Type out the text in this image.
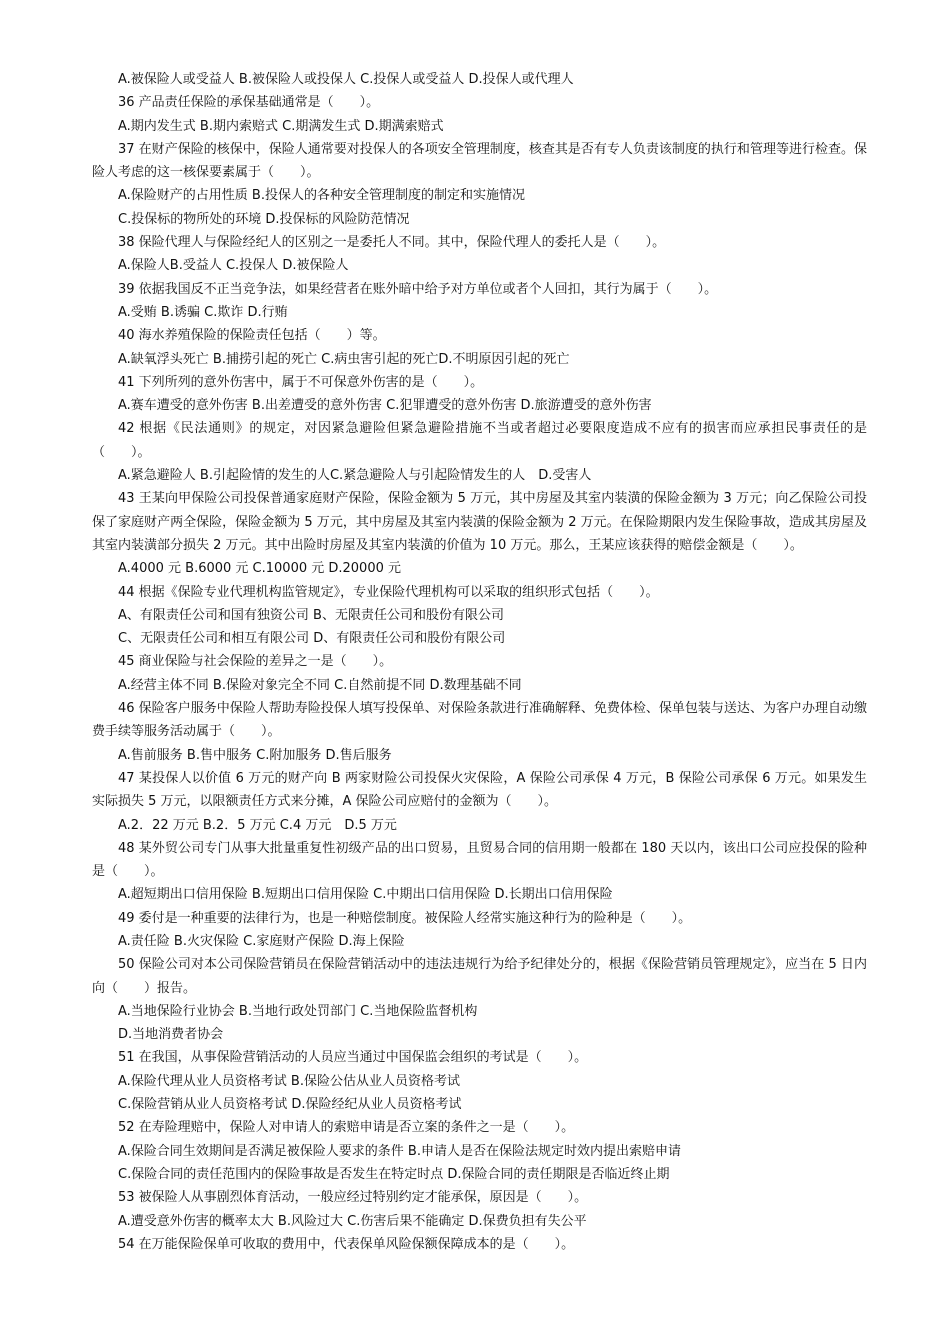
A.被保险人或受益人 B.被保险人或投保人 C.投保人或受益人 D.投保人或代理人
36 产品责任保险的承保基础通常是（　　）。
A.期内发生式 B.期内索赔式 C.期满发生式 D.期满索赔式
37 在财产保险的核保中，保险人通常要对投保人的各项安全管理制度，核查其是否有专人负责该制度的执行和管理等进行检查。保险人考虑的这一核保要素属于（　　）。
A.保险财产的占用性质 B.投保人的各种安全管理制度的制定和实施情况
C.投保标的物所处的环境 D.投保标的风险防范情况
38 保险代理人与保险经纪人的区别之一是委托人不同。其中，保险代理人的委托人是（　　）。
A.保险人B.受益人 C.投保人 D.被保险人
39 依据我国反不正当竞争法，如果经营者在账外暗中给予对方单位或者个人回扣，其行为属于（　　）。
A.受贿 B.诱骗 C.欺诈 D.行贿
40 海水养殖保险的保险责任包括（　　）等。
A.缺氧浮头死亡 B.捕捞引起的死亡 C.病虫害引起的死亡D.不明原因引起的死亡
41 下列所列的意外伤害中，属于不可保意外伤害的是（　　）。
A.赛车遭受的意外伤害 B.出差遭受的意外伤害 C.犯罪遭受的意外伤害 D.旅游遭受的意外伤害
42 根据《民法通则》的规定，对因紧急避险但紧急避险措施不当或者超过必要限度造成不应有的损害而应承担民事责任的是（　　）。
A.紧急避险人 B.引起险情的发生的人C.紧急避险人与引起险情发生的人　D.受害人
43 王某向甲保险公司投保普通家庭财产保险，保险金额为 5 万元，其中房屋及其室内装潢的保险金额为 3 万元；向乙保险公司投保了家庭财产两全保险，保险金额为 5 万元，其中房屋及其室内装潢的保险金额为 2 万元。在保险期限内发生保险事故，造成其房屋及其室内装潢部分损失 2 万元。其中出险时房屋及其室内装潢的价值为 10 万元。那么，王某应该获得的赔偿金额是（　　）。
A.4000 元 B.6000 元 C.10000 元 D.20000 元
44 根据《保险专业代理机构监管规定》，专业保险代理机构可以采取的组织形式包括（　　）。
A、有限责任公司和国有独资公司 B、无限责任公司和股份有限公司
C、无限责任公司和相互有限公司 D、有限责任公司和股份有限公司
45 商业保险与社会保险的差异之一是（　　）。
A.经营主体不同 B.保险对象完全不同 C.自然前提不同 D.数理基础不同
46 保险客户服务中保险人帮助寿险投保人填写投保单、对保险条款进行准确解释、免费体检、保单包装与送达、为客户办理自动缴费手续等服务活动属于（　　）。
A.售前服务 B.售中服务 C.附加服务 D.售后服务
47 某投保人以价值 6 万元的财产向 B 两家财险公司投保火灾保险，A 保险公司承保 4 万元，B 保险公司承保 6 万元。如果发生实际损失 5 万元，以限额责任方式来分摊，A 保险公司应赔付的金额为（　　）。
A.2．22 万元 B.2．5 万元 C.4 万元　D.5 万元
48 某外贸公司专门从事大批量重复性初级产品的出口贸易，且贸易合同的信用期一般都在 180 天以内，该出口公司应投保的险种是（　　）。
A.超短期出口信用保险 B.短期出口信用保险 C.中期出口信用保险 D.长期出口信用保险
49 委付是一种重要的法律行为，也是一种赔偿制度。被保险人经常实施这种行为的险种是（　　）。
A.责任险 B.火灾保险 C.家庭财产保险 D.海上保险
50 保险公司对本公司保险营销员在保险营销活动中的违法违规行为给予纪律处分的，根据《保险营销员管理规定》，应当在 5 日内向（　　）报告。
A.当地保险行业协会 B.当地行政处罚部门 C.当地保险监督机构
D.当地消费者协会
51 在我国，从事保险营销活动的人员应当通过中国保监会组织的考试是（　　）。
A.保险代理从业人员资格考试 B.保险公估从业人员资格考试
C.保险营销从业人员资格考试 D.保险经纪从业人员资格考试
52 在寿险理赔中，保险人对申请人的索赔申请是否立案的条件之一是（　　）。
A.保险合同生效期间是否满足被保险人要求的条件 B.申请人是否在保险法规定时效内提出索赔申请
C.保险合同的责任范围内的保险事故是否发生在特定时点 D.保险合同的责任期限是否临近终止期
53 被保险人从事剧烈体育活动，一般应经过特别约定才能承保，原因是（　　）。
A.遭受意外伤害的概率太大 B.风险过大 C.伤害后果不能确定 D.保费负担有失公平
54 在万能保险保单可收取的费用中，代表保单风险保额保障成本的是（　　）。
